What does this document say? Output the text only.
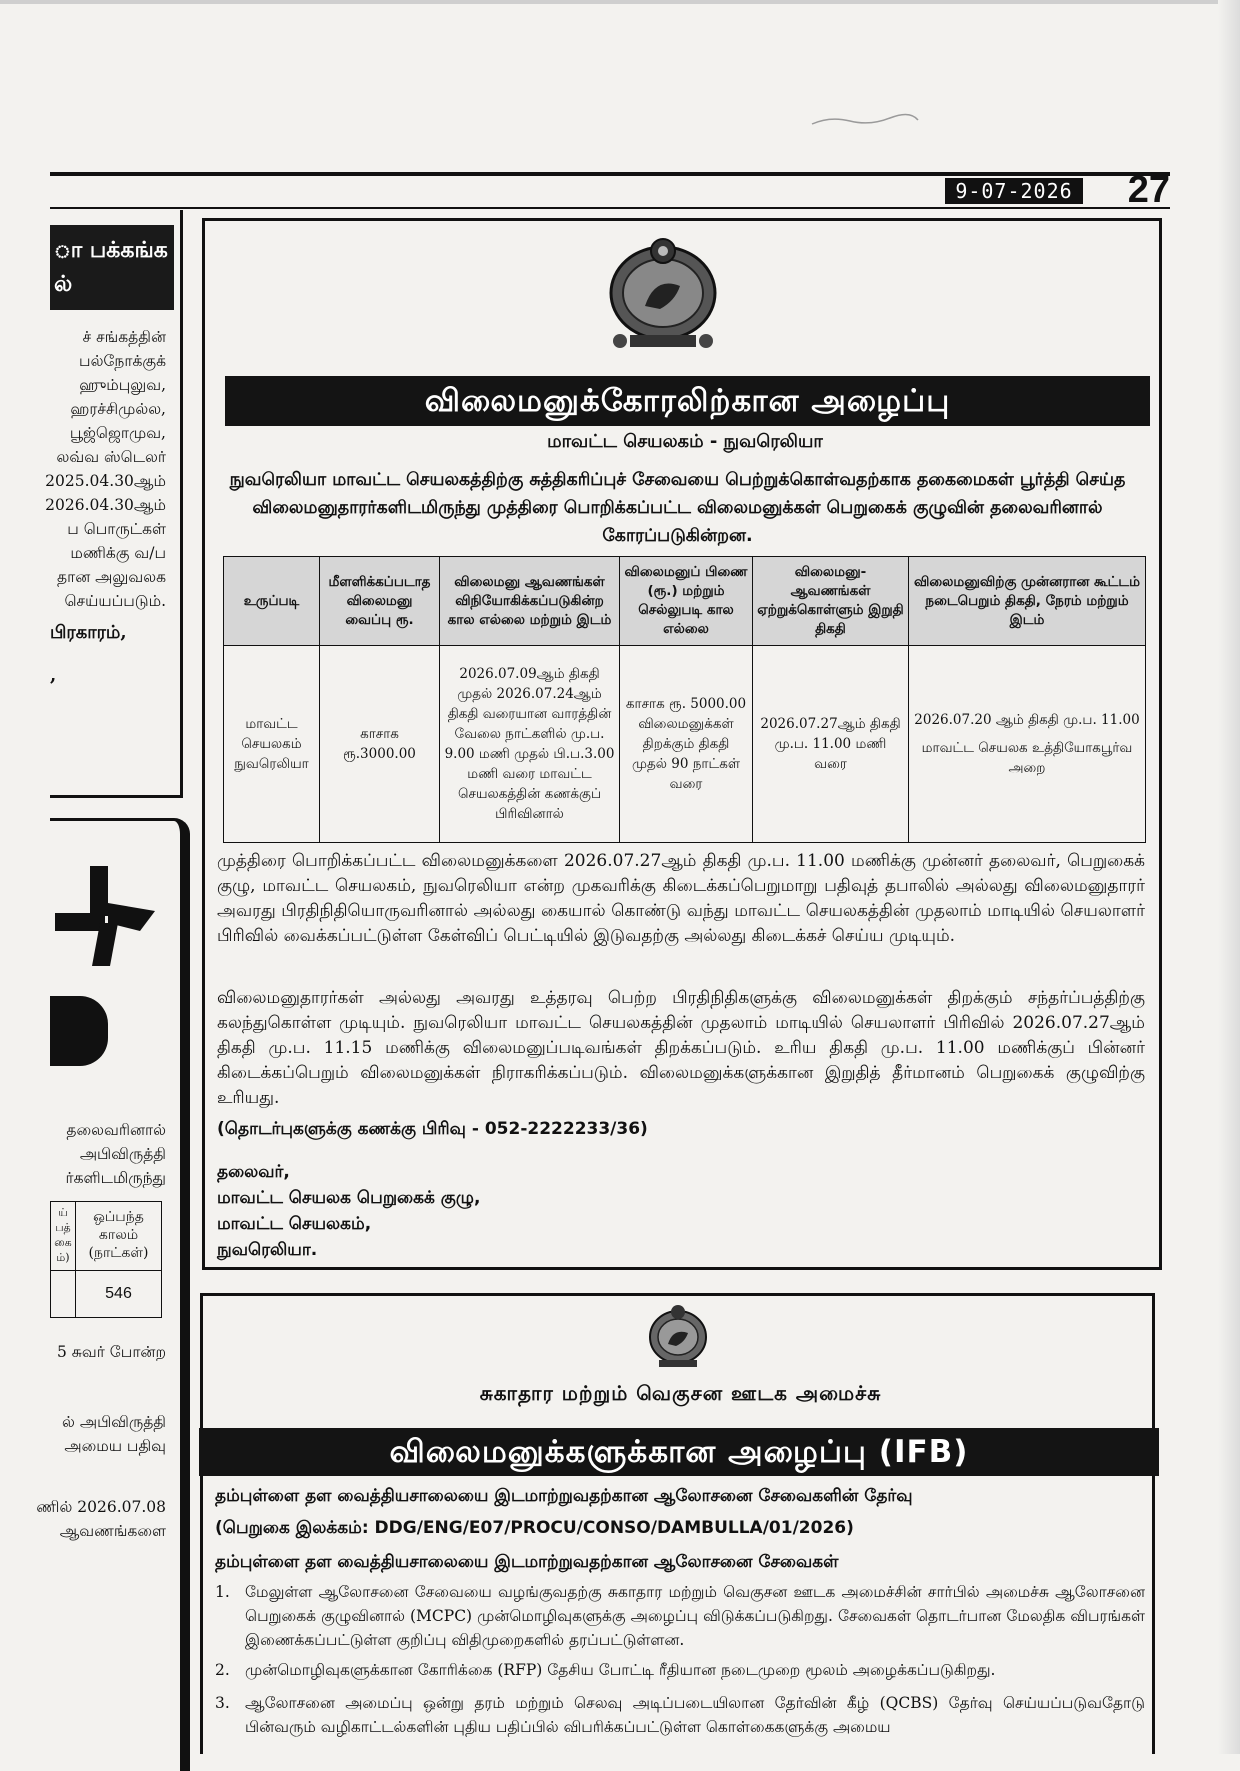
9-07-2026	27
ா பக்கங்க
ல்
ச் சங்கத்தின்
பல்நோக்குக்
ஹும்புலுவ,
ஹரச்சிமுல்ல,
பூஜ்ஜொமுவ,
லவ்வ ஸ்டெலர்
2025.04.30ஆம்
2026.04.30ஆம்
ப பொருட்கள்
மணிக்கு வ/ப
தான அலுவலக
செய்யப்படும்.
பிரகாரம்,
,
தலைவரினால்
அபிவிருத்தி
ர்களிடமிருந்து
ய் பத் கை ம்)	ஒப்பந்த காலம் (நாட்கள்)
	546
5 சுவர் போன்ற
ல் அபிவிருத்தி
அமைய பதிவு
ணில் 2026.07.08
ஆவணங்களை
விலைமனுக்கோரலிற்கான அழைப்பு
மாவட்ட செயலகம் - நுவரெலியா
நுவரெலியா மாவட்ட செயலகத்திற்கு சுத்திகரிப்புச் சேவையை பெற்றுக்கொள்வதற்காக தகைமைகள் பூர்த்தி செய்த விலைமனுதாரர்களிடமிருந்து முத்திரை பொறிக்கப்பட்ட விலைமனுக்கள் பெறுகைக் குழுவின் தலைவரினால் கோரப்படுகின்றன.
உருப்படி	மீளளிக்கப்படாத விலைமனு வைப்பு ரூ.	விலைமனு ஆவணங்கள் விநியோகிக்கப்படுகின்ற கால எல்லை மற்றும் இடம்	விலைமனுப் பிணை (ரூ.) மற்றும் செல்லுபடி கால எல்லை	விலைமனு-ஆவணங்கள் ஏற்றுக்கொள்ளும் இறுதி திகதி	விலைமனுவிற்கு முன்னரான கூட்டம் நடைபெறும் திகதி, நேரம் மற்றும் இடம்
மாவட்ட செயலகம் நுவரெலியா	காசாக ரூ.3000.00	2026.07.09ஆம் திகதி முதல் 2026.07.24ஆம் திகதி வரையான வாரத்தின் வேலை நாட்களில் மு.ப. 9.00 மணி முதல் பி.ப.3.00 மணி வரை மாவட்ட செயலகத்தின் கணக்குப் பிரிவினால்	காசாக ரூ. 5000.00 விலைமனுக்கள் திறக்கும் திகதி முதல் 90 நாட்கள் வரை	2026.07.27ஆம் திகதி மு.ப. 11.00 மணி வரை	2026.07.20 ஆம் திகதி மு.ப. 11.00
மாவட்ட செயலக உத்தியோகபூர்வ அறை
முத்திரை பொறிக்கப்பட்ட விலைமனுக்களை 2026.07.27ஆம் திகதி மு.ப. 11.00 மணிக்கு முன்னர் தலைவர், பெறுகைக் குழு, மாவட்ட செயலகம், நுவரெலியா என்ற முகவரிக்கு கிடைக்கப்பெறுமாறு பதிவுத் தபாலில் அல்லது விலைமனுதாரர் அவரது பிரதிநிதியொருவரினால் அல்லது கையால் கொண்டு வந்து மாவட்ட செயலகத்தின் முதலாம் மாடியில் செயலாளர் பிரிவில் வைக்கப்பட்டுள்ள கேள்விப் பெட்டியில் இடுவதற்கு அல்லது கிடைக்கச் செய்ய முடியும்.
விலைமனுதாரர்கள் அல்லது அவரது உத்தரவு பெற்ற பிரதிநிதிகளுக்கு விலைமனுக்கள் திறக்கும் சந்தர்ப்பத்திற்கு கலந்துகொள்ள முடியும். நுவரெலியா மாவட்ட செயலகத்தின் முதலாம் மாடியில் செயலாளர் பிரிவில் 2026.07.27ஆம் திகதி மு.ப. 11.15 மணிக்கு விலைமனுப்படிவங்கள் திறக்கப்படும். உரிய திகதி மு.ப. 11.00 மணிக்குப் பின்னர் கிடைக்கப்பெறும் விலைமனுக்கள் நிராகரிக்கப்படும். விலைமனுக்களுக்கான இறுதித் தீர்மானம் பெறுகைக் குழுவிற்கு உரியது.
(தொடர்புகளுக்கு கணக்கு பிரிவு - 052-2222233/36)
தலைவர்,
மாவட்ட செயலக பெறுகைக் குழு,
மாவட்ட செயலகம்,
நுவரெலியா.
சுகாதார மற்றும் வெகுசன ஊடக அமைச்சு
விலைமனுக்களுக்கான அழைப்பு (IFB)
தம்புள்ளை தள வைத்தியசாலையை இடமாற்றுவதற்கான ஆலோசனை சேவைகளின் தேர்வு
(பெறுகை இலக்கம்: DDG/ENG/E07/PROCU/CONSO/DAMBULLA/01/2026)
தம்புள்ளை தள வைத்தியசாலையை இடமாற்றுவதற்கான ஆலோசனை சேவைகள்
1. மேலுள்ள ஆலோசனை சேவையை வழங்குவதற்கு சுகாதார மற்றும் வெகுசன ஊடக அமைச்சின் சார்பில் அமைச்சு ஆலோசனை பெறுகைக் குழுவினால் (MCPC) முன்மொழிவுகளுக்கு அழைப்பு விடுக்கப்படுகிறது. சேவைகள் தொடர்பான மேலதிக விபரங்கள் இணைக்கப்பட்டுள்ள குறிப்பு விதிமுறைகளில் தரப்பட்டுள்ளன.
2. முன்மொழிவுகளுக்கான கோரிக்கை (RFP) தேசிய போட்டி ரீதியான நடைமுறை மூலம் அழைக்கப்படுகிறது.
3. ஆலோசனை அமைப்பு ஒன்று தரம் மற்றும் செலவு அடிப்படையிலான தேர்வின் கீழ் (QCBS) தேர்வு செய்யப்படுவதோடு பின்வரும் வழிகாட்டல்களின் புதிய பதிப்பில் விபரிக்கப்பட்டுள்ள கொள்கைகளுக்கு அமைய
